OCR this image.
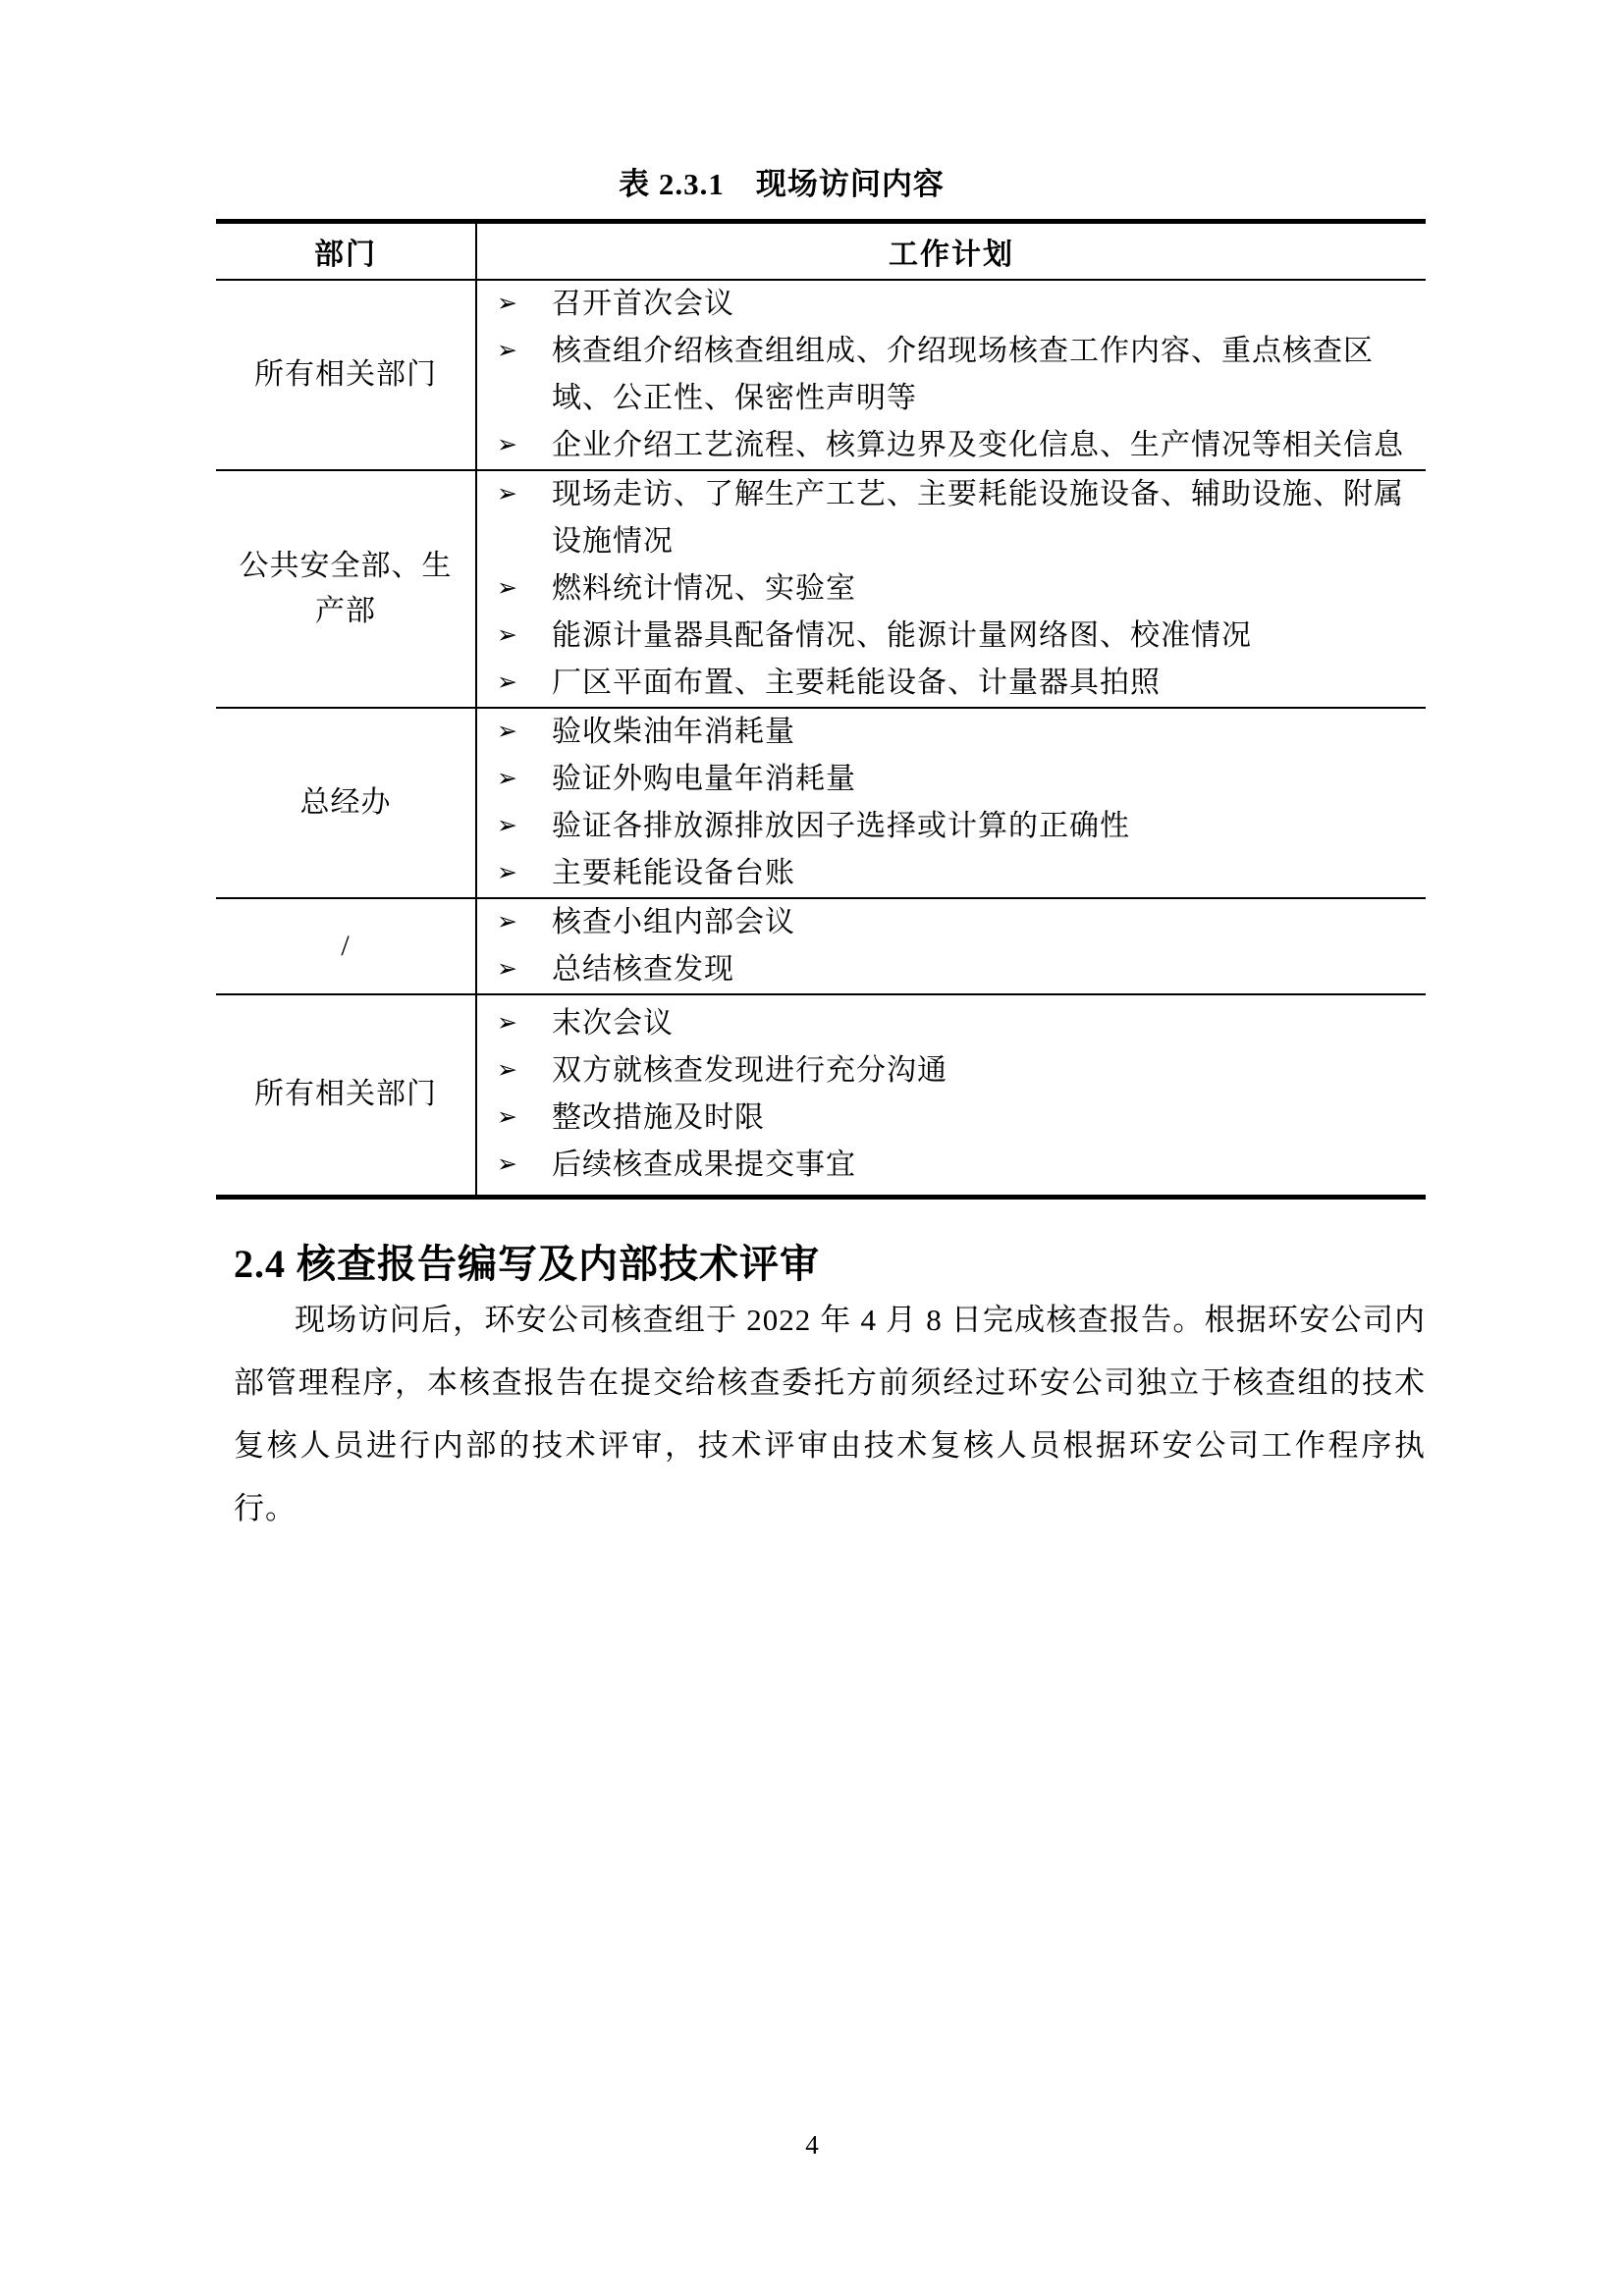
表 2.3.1　现场访问内容
部门	工作计划
所有相关部门	
➢	召开首次会议
➢	核查组介绍核查组组成、介绍现场核查工作内容、重点核查区域、公正性、保密性声明等
➢	企业介绍工艺流程、核算边界及变化信息、生产情况等相关信息

公共安全部、生产部	
➢	现场走访、了解生产工艺、主要耗能设施设备、辅助设施、附属设施情况
➢	燃料统计情况、实验室
➢	能源计量器具配备情况、能源计量网络图、校准情况
➢	厂区平面布置、主要耗能设备、计量器具拍照

总经办	
➢	验收柴油年消耗量
➢	验证外购电量年消耗量
➢	验证各排放源排放因子选择或计算的正确性
➢	主要耗能设备台账

/	
➢	核查小组内部会议
➢	总结核查发现

所有相关部门	
➢	末次会议
➢	双方就核查发现进行充分沟通
➢	整改措施及时限
➢	后续核查成果提交事宜
2.4 核查报告编写及内部技术评审

现场访问后，环安公司核查组于 2022 年 4 月 8 日完成核查报告。根据环安公司内部管理程序，本核查报告在提交给核查委托方前须经过环安公司独立于核查组的技术复核人员进行内部的技术评审，技术评审由技术复核人员根据环安公司工作程序执行。

4
